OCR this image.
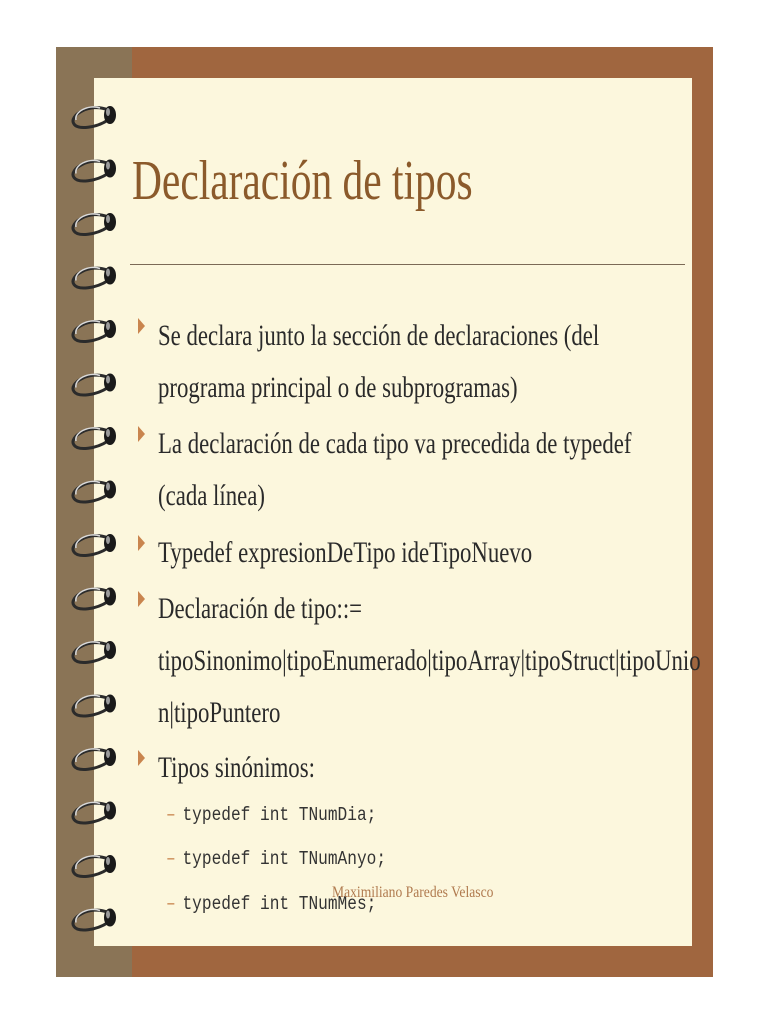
Declaración de tipos
Se declara junto la sección de declaraciones (del programa principal o de subprogramas)
La declaración de cada tipo va precedida de typedef (cada línea)
Typedef expresionDeTipo ideTipoNuevo
Declaración de tipo::= tipoSinonimo|tipoEnumerado|tipoArray|tipoStruct|tipoUnio n|tipoPuntero
Tipos sinónimos:
– typedef int TNumDia;
– typedef int TNumAnyo;
– typedef int TNumMes;
Maximiliano Paredes Velasco
